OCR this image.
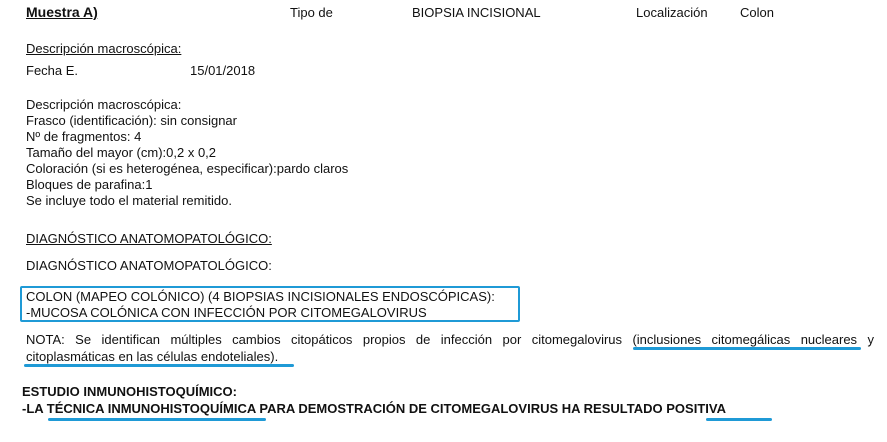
Muestra A)	Tipo de	BIOPSIA INCISIONAL	Localización Colon
Descripción macroscópica:
Fecha E.	15/01/2018
Descripción macroscópica:
Frasco (identificación): sin consignar
Nº de fragmentos: 4
Tamaño del mayor (cm):0,2 x 0,2
Coloración (si es heterogénea, especificar):pardo claros
Bloques de parafina:1
Se incluye todo el material remitido.
DIAGNÓSTICO ANATOMOPATOLÓGICO:
DIAGNÓSTICO ANATOMOPATOLÓGICO:
COLON (MAPEO COLÓNICO) (4 BIOPSIAS INCISIONALES ENDOSCÓPICAS):
-MUCOSA COLÓNICA CON INFECCIÓN POR CITOMEGALOVIRUS
NOTA: Se identifican múltiples cambios citopáticos propios de infección por citomegalovirus (inclusiones citomegálicas nucleares y
citoplasmáticas en las células endoteliales).
ESTUDIO INMUNOHISTOQUÍMICO:
-LA TÉCNICA INMUNOHISTOQUÍMICA PARA DEMOSTRACIÓN DE CITOMEGALOVIRUS HA RESULTADO POSITIVA
